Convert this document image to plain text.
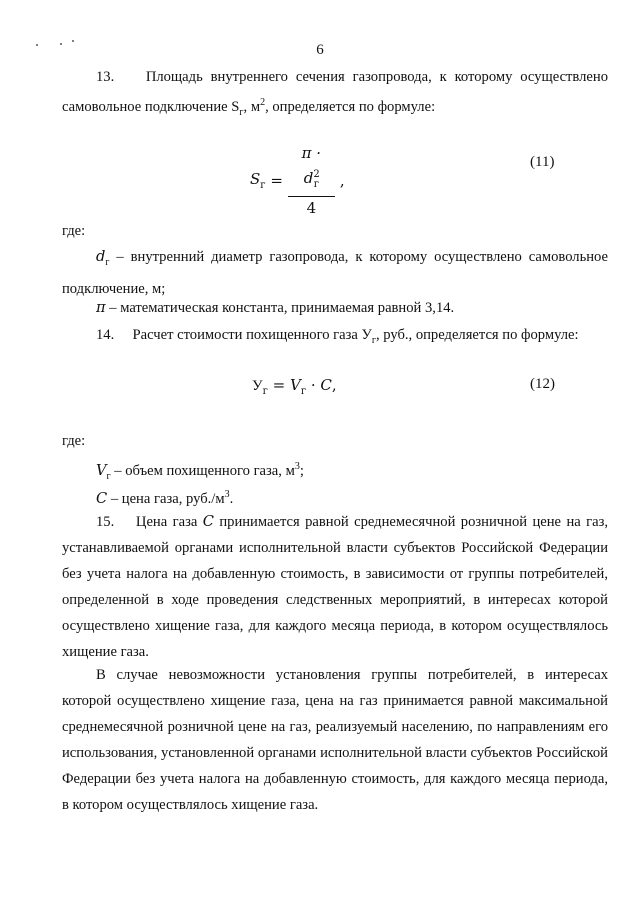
6

13. Площадь внутреннего сечения газопровода, к которому осуществлено самовольное подключение $S_г$, $м^2$, определяется по формуле:

$S_г = \frac{\pi \cdot d^2_г}{4}$ ,
(11)

где:

$d_г$ – внутренний диаметр газопровода, к которому осуществлено самовольное подключение, м;

π – математическая константа, принимаемая равной 3,14.

14. Расчет стоимости похищенного газа $У_г$, руб., определяется по формуле:

$У_г = V_г \cdot C$,	(12)

где:

$V_г$ – объем похищенного газа, $м^3$;

C – цена газа, $руб./м^3$.

15. Цена газа C принимается равной среднемесячной розничной цене на газ, устанавливаемой органами исполнительной власти субъектов Российской Федерации без учета налога на добавленную стоимость, в зависимости от группы потребителей, определенной в ходе проведения следственных мероприятий, в интересах которой осуществлено хищение газа, для каждого месяца периода, в котором осуществлялось хищение газа.

В случае невозможности установления группы потребителей, в интересах которой осуществлено хищение газа, цена на газ принимается равной максимальной среднемесячной розничной цене на газ, реализуемый населению, по направлениям его использования, установленной органами исполнительной власти субъектов Российской Федерации без учета налога на добавленную стоимость, для каждого месяца периода, в котором осуществлялось хищение газа.
